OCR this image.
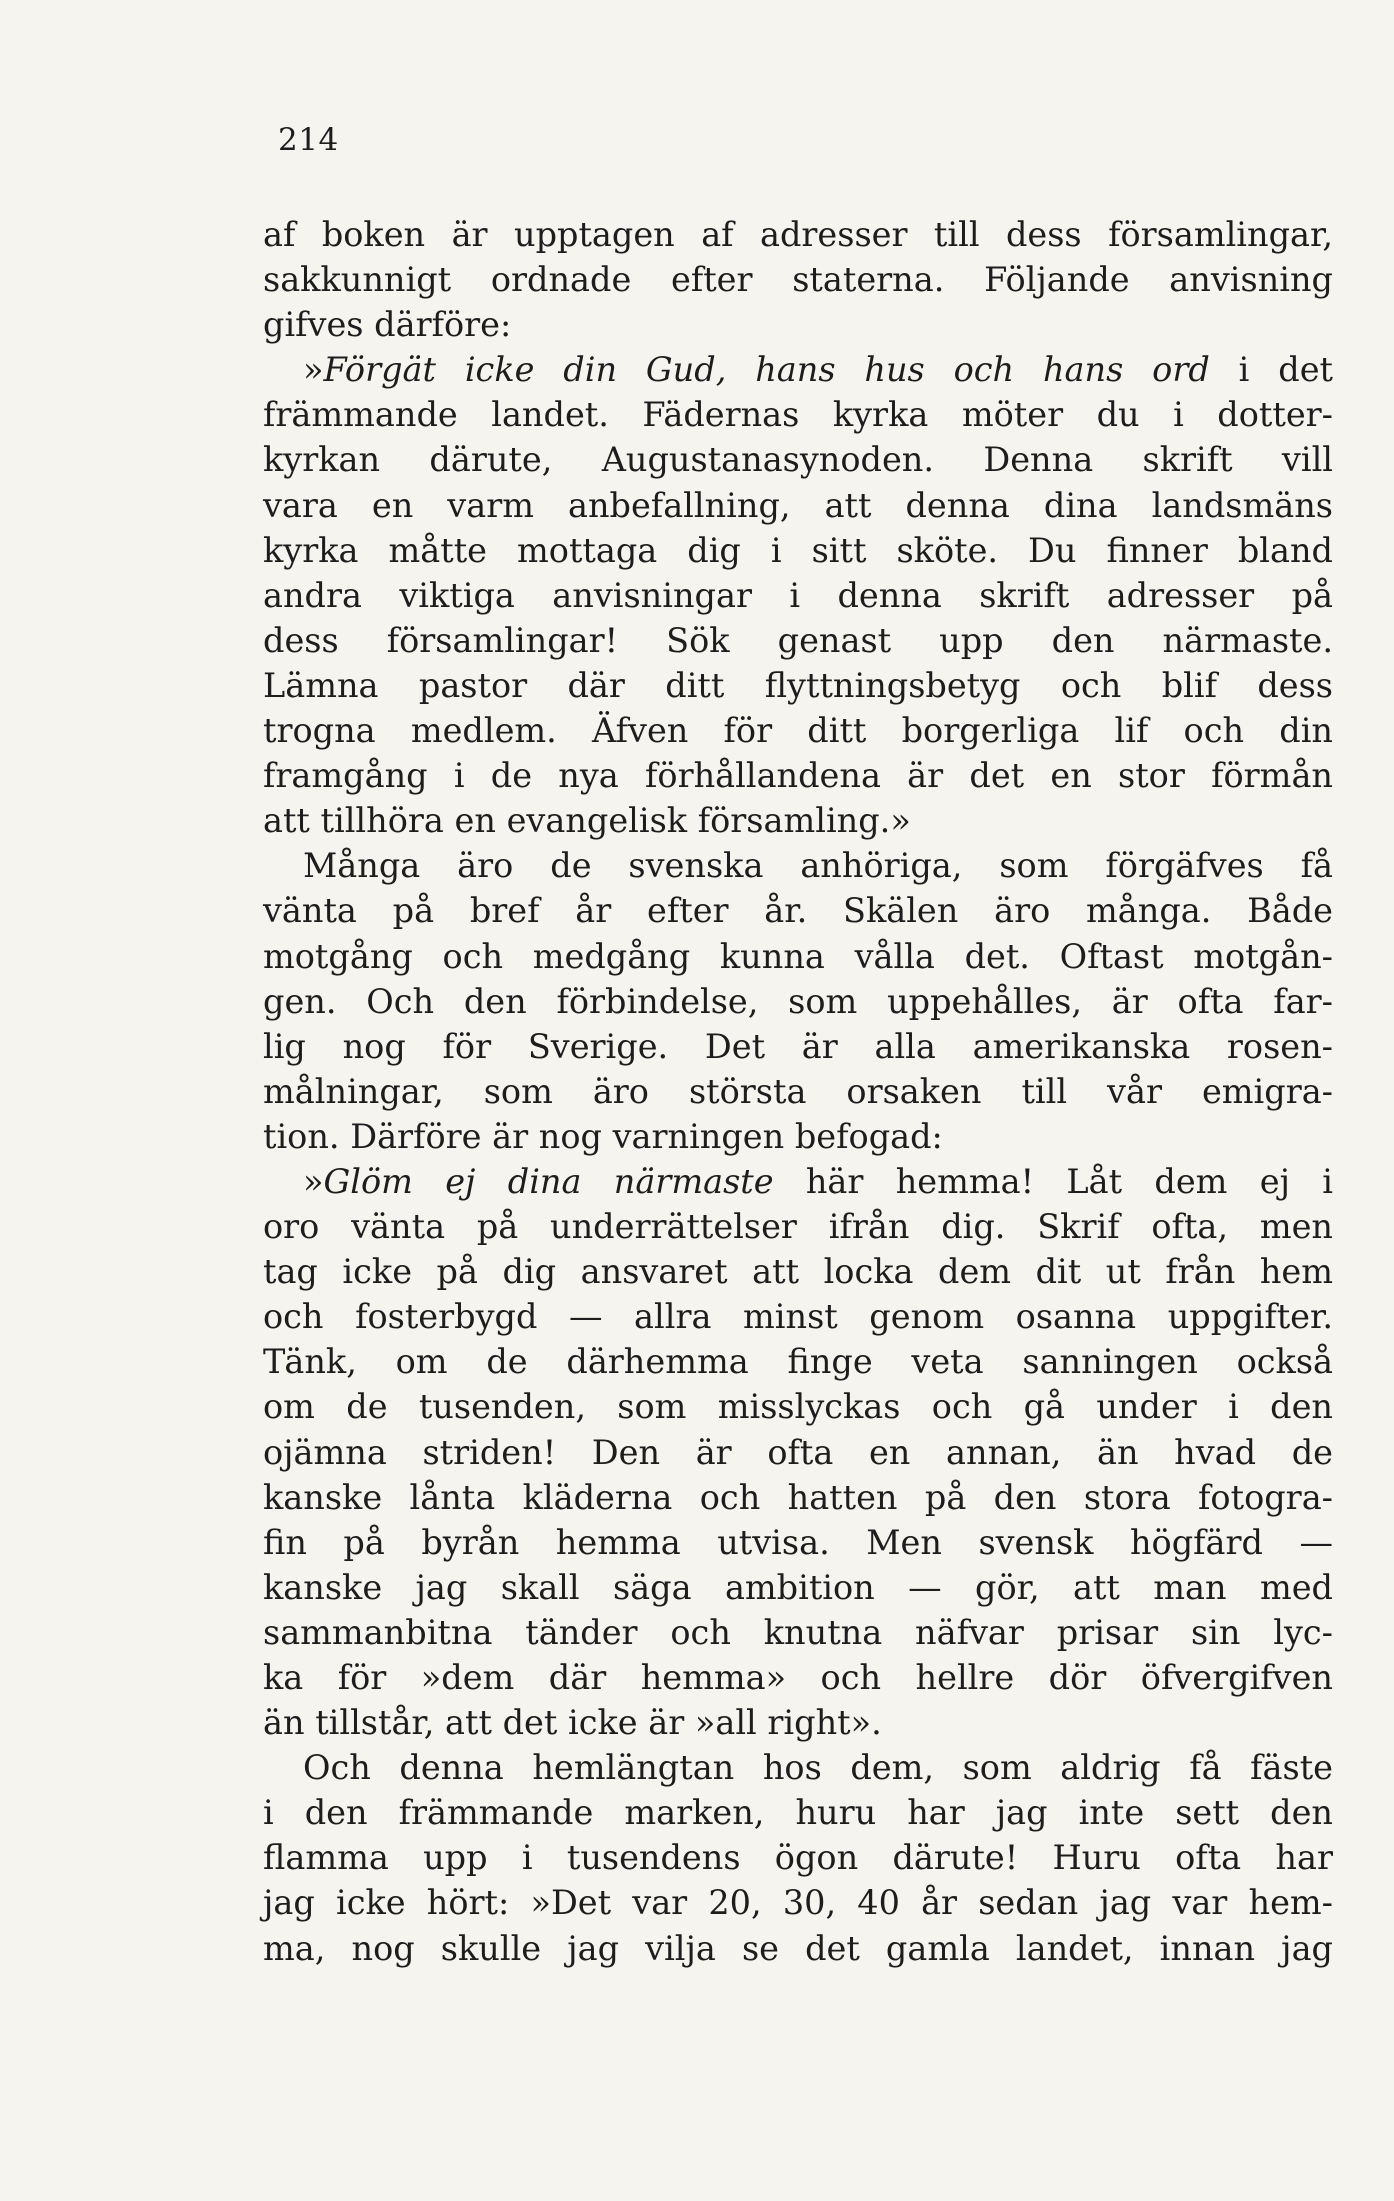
214
af boken är upptagen af adresser till dess församlingar,
sakkunnigt ordnade efter staterna. Följande anvisning
gifves därföre:
»Förgät icke din Gud, hans hus och hans ord i det
främmande landet. Fädernas kyrka möter du i dotter-
kyrkan därute, Augustanasynoden. Denna skrift vill
vara en varm anbefallning, att denna dina landsmäns
kyrka måtte mottaga dig i sitt sköte. Du finner bland
andra viktiga anvisningar i denna skrift adresser på
dess församlingar! Sök genast upp den närmaste.
Lämna pastor där ditt flyttningsbetyg och blif dess
trogna medlem. Äfven för ditt borgerliga lif och din
framgång i de nya förhållandena är det en stor förmån
att tillhöra en evangelisk församling.»
Många äro de svenska anhöriga, som förgäfves få
vänta på bref år efter år. Skälen äro många. Både
motgång och medgång kunna vålla det. Oftast motgån-
gen. Och den förbindelse, som uppehålles, är ofta far-
lig nog för Sverige. Det är alla amerikanska rosen-
målningar, som äro största orsaken till vår emigra-
tion. Därföre är nog varningen befogad:
»Glöm ej dina närmaste här hemma! Låt dem ej i
oro vänta på underrättelser ifrån dig. Skrif ofta, men
tag icke på dig ansvaret att locka dem dit ut från hem
och fosterbygd — allra minst genom osanna uppgifter.
Tänk, om de därhemma finge veta sanningen också
om de tusenden, som misslyckas och gå under i den
ojämna striden! Den är ofta en annan, än hvad de
kanske lånta kläderna och hatten på den stora fotogra-
fin på byrån hemma utvisa. Men svensk högfärd —
kanske jag skall säga ambition — gör, att man med
sammanbitna tänder och knutna näfvar prisar sin lyc-
ka för »dem där hemma» och hellre dör öfvergifven
än tillstår, att det icke är »all right».
Och denna hemlängtan hos dem, som aldrig få fäste
i den främmande marken, huru har jag inte sett den
flamma upp i tusendens ögon därute! Huru ofta har
jag icke hört: »Det var 20, 30, 40 år sedan jag var hem-
ma, nog skulle jag vilja se det gamla landet, innan jag
